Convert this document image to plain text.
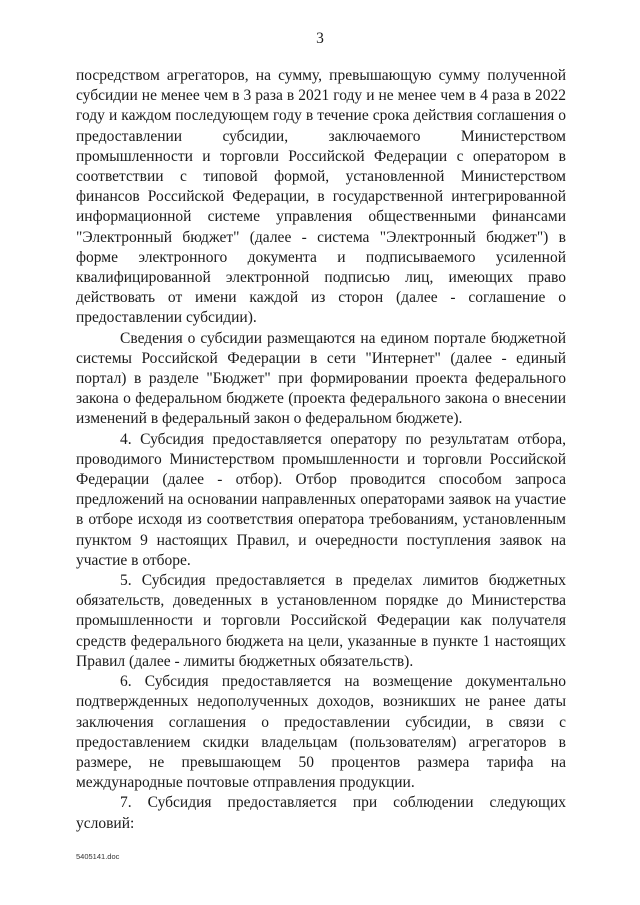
3

посредством агрегаторов, на сумму, превышающую сумму полученной субсидии не менее чем в 3 раза в 2021 году и не менее чем в 4 раза в 2022 году и каждом последующем году в течение срока действия соглашения о предоставлении субсидии, заключаемого Министерством промышленности и торговли Российской Федерации с оператором в соответствии с типовой формой, установленной Министерством финансов Российской Федерации, в государственной интегрированной информационной системе управления общественными финансами "Электронный бюджет" (далее - система "Электронный бюджет") в форме электронного документа и подписываемого усиленной квалифицированной электронной подписью лиц, имеющих право действовать от имени каждой из сторон (далее - соглашение о предоставлении субсидии).

Сведения о субсидии размещаются на едином портале бюджетной системы Российской Федерации в сети "Интернет" (далее - единый портал) в разделе "Бюджет" при формировании проекта федерального закона о федеральном бюджете (проекта федерального закона о внесении изменений в федеральный закон о федеральном бюджете).

4. Субсидия предоставляется оператору по результатам отбора, проводимого Министерством промышленности и торговли Российской Федерации (далее - отбор). Отбор проводится способом запроса предложений на основании направленных операторами заявок на участие в отборе исходя из соответствия оператора требованиям, установленным пунктом 9 настоящих Правил, и очередности поступления заявок на участие в отборе.

5. Субсидия предоставляется в пределах лимитов бюджетных обязательств, доведенных в установленном порядке до Министерства промышленности и торговли Российской Федерации как получателя средств федерального бюджета на цели, указанные в пункте 1 настоящих Правил (далее - лимиты бюджетных обязательств).

6. Субсидия предоставляется на возмещение документально подтвержденных недополученных доходов, возникших не ранее даты заключения соглашения о предоставлении субсидии, в связи с предоставлением скидки владельцам (пользователям) агрегаторов в размере, не превышающем 50 процентов размера тарифа на международные почтовые отправления продукции.

7. Субсидия предоставляется при соблюдении следующих условий:

5405141.doc
